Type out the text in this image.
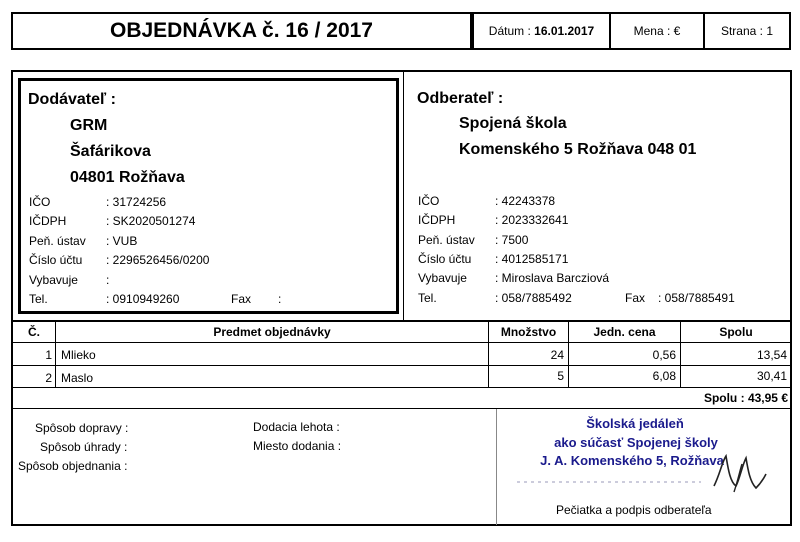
OBJEDNÁVKA č. 16 / 2017	Dátum : 16.01.2017	Mena : €	Strana : 1
Dodávateľ :
GRM
Šafárikova
04801 Rožňava
IČO	: 31724256
IČDPH	: SK2020501274
Peň. ústav : VUB
Číslo účtu : 2296526456/0200
Vybavuje :
Tel.	: 0910949260	Fax :
Odberateľ :
Spojená škola
Komenského 5 Rožňava 048 01
IČO	: 42243378
IČDPH	: 2023332641
Peň. ústav : 7500
Číslo účtu : 4012585171
Vybavuje : Miroslava Barcziová
Tel.	: 058/7885492	Fax : 058/7885491
Č.	Predmet objednávky	Množstvo	Jedn. cena	Spolu
1 Mlieko	24	0,56	13,54
2 Maslo	5	6,08	30,41
Spolu : 43,95 €
Spôsob dopravy :
Spôsob úhrady :
Spôsob objednania :
Dodacia lehota :
Miesto dodania :
Školská jedáleň
ako súčasť Spojenej školy
J. A. Komenského 5, Rožňava
Pečiatka a podpis odberateľa
